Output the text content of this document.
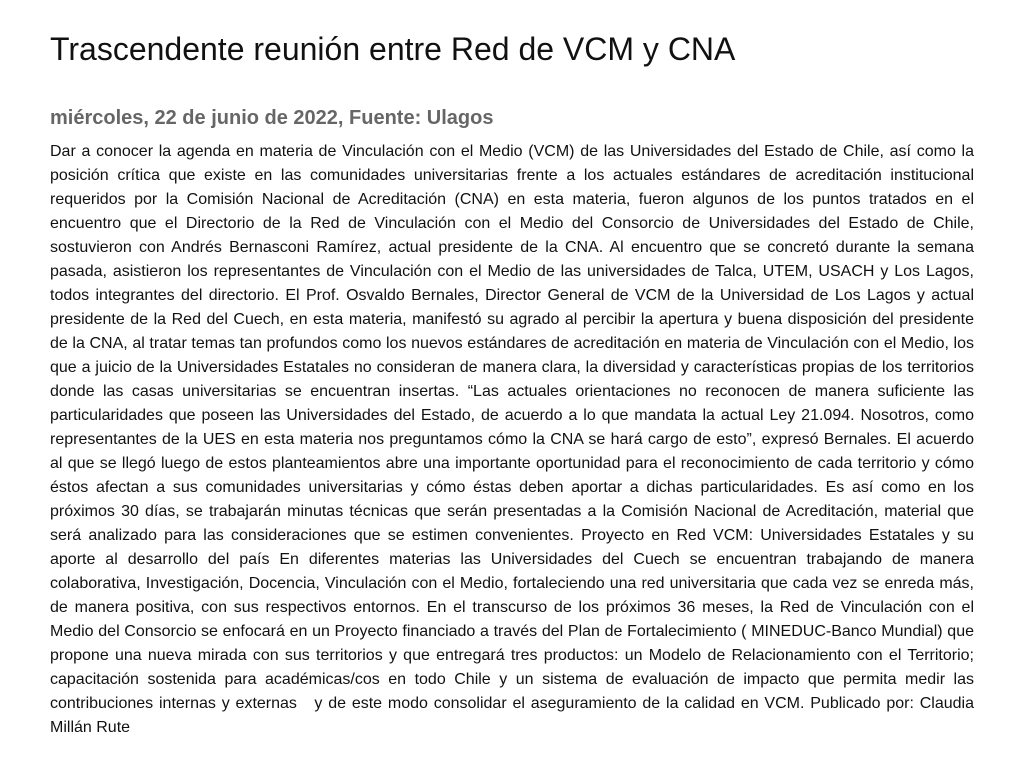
Trascendente reunión entre Red de VCM y CNA
miércoles, 22 de junio de 2022, Fuente: Ulagos

Dar a conocer la agenda en materia de Vinculación con el Medio (VCM) de las Universidades del Estado de Chile, así como la posición crítica que existe en las comunidades universitarias frente a los actuales estándares de acreditación institucional requeridos por la Comisión Nacional de Acreditación (CNA) en esta materia, fueron algunos de los puntos tratados en el encuentro que el Directorio de la Red de Vinculación con el Medio del Consorcio de Universidades del Estado de Chile, sostuvieron con Andrés Bernasconi Ramírez, actual presidente de la CNA. Al encuentro que se concretó durante la semana pasada, asistieron los representantes de Vinculación con el Medio de las universidades de Talca, UTEM, USACH y Los Lagos, todos integrantes del directorio. El Prof. Osvaldo Bernales, Director General de VCM de la Universidad de Los Lagos y actual presidente de la Red del Cuech, en esta materia, manifestó su agrado al percibir la apertura y buena disposición del presidente de la CNA, al tratar temas tan profundos como los nuevos estándares de acreditación en materia de Vinculación con el Medio, los que a juicio de la Universidades Estatales no consideran de manera clara, la diversidad y características propias de los territorios donde las casas universitarias se encuentran insertas. “Las actuales orientaciones no reconocen de manera suficiente las particularidades que poseen las Universidades del Estado, de acuerdo a lo que mandata la actual Ley 21.094. Nosotros, como representantes de la UES en esta materia nos preguntamos cómo la CNA se hará cargo de esto”, expresó Bernales. El acuerdo al que se llegó luego de estos planteamientos abre una importante oportunidad para el reconocimiento de cada territorio y cómo éstos afectan a sus comunidades universitarias y cómo éstas deben aportar a dichas particularidades. Es así como en los próximos 30 días, se trabajarán minutas técnicas que serán presentadas a la Comisión Nacional de Acreditación, material que será analizado para las consideraciones que se estimen convenientes. Proyecto en Red VCM: Universidades Estatales y su aporte al desarrollo del país En diferentes materias las Universidades del Cuech se encuentran trabajando de manera colaborativa, Investigación, Docencia, Vinculación con el Medio, fortaleciendo una red universitaria que cada vez se enreda más, de manera positiva, con sus respectivos entornos. En el transcurso de los próximos 36 meses, la Red de Vinculación con el Medio del Consorcio se enfocará en un Proyecto financiado a través del Plan de Fortalecimiento ( MINEDUC-Banco Mundial) que propone una nueva mirada con sus territorios y que entregará tres productos: un Modelo de Relacionamiento con el Territorio; capacitación sostenida para académicas/cos en todo Chile y un sistema de evaluación de impacto que permita medir las contribuciones internas y externas   y de este modo consolidar el aseguramiento de la calidad en VCM. Publicado por: Claudia Millán Rute
